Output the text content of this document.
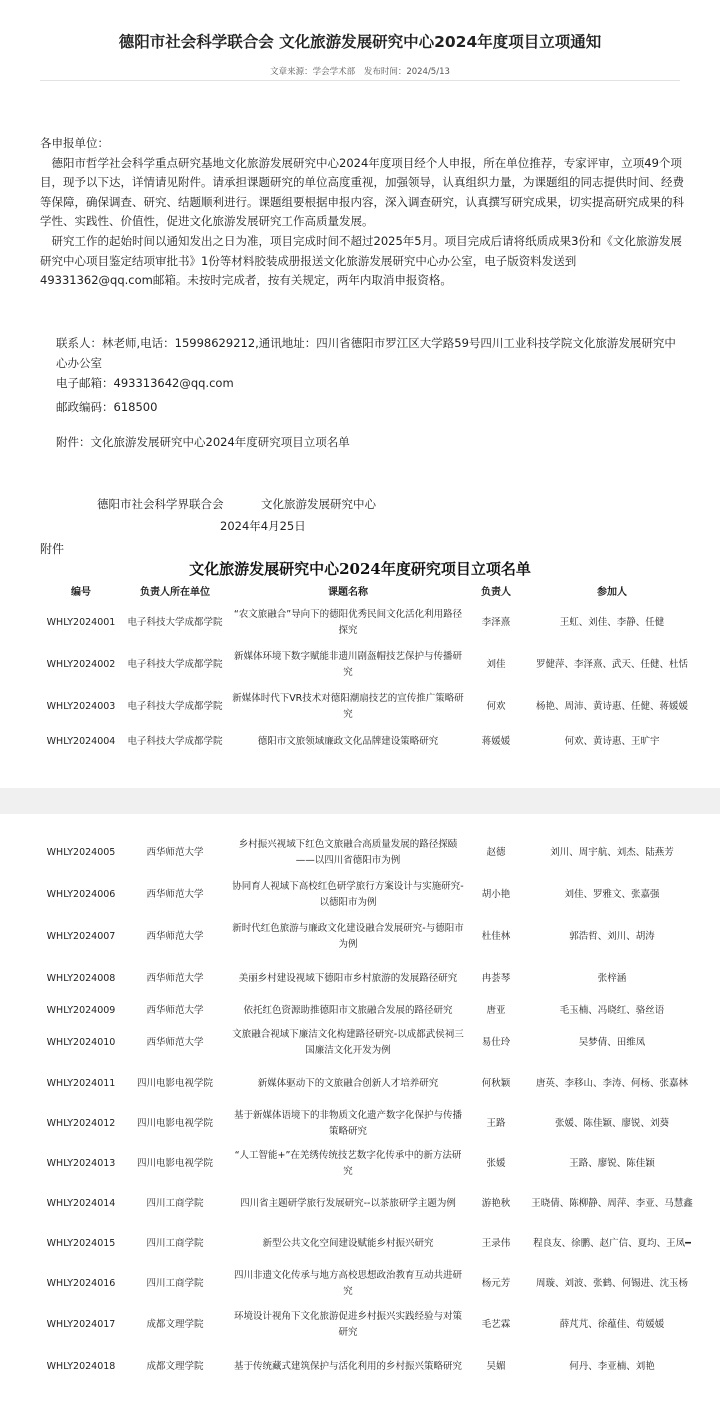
德阳市社会科学联合会 文化旅游发展研究中心2024年度项目立项通知
文章来源：学会学术部 发布时间：2024/5/13

各申报单位：

德阳市哲学社会科学重点研究基地文化旅游发展研究中心2024年度项目经个人申报，所在单位推荐，专家评审，立项49个项目，现予以下达，详情请见附件。请承担课题研究的单位高度重视，加强领导，认真组织力量，为课题组的同志提供时间、经费等保障，确保调查、研究、结题顺利进行。课题组要根据申报内容，深入调查研究，认真撰写研究成果，切实提高研究成果的科学性、实践性、价值性，促进文化旅游发展研究工作高质量发展。

研究工作的起始时间以通知发出之日为准，项目完成时间不超过2025年5月。项目完成后请将纸质成果3份和《文化旅游发展研究中心项目鉴定结项审批书》1份等材料胶装成册报送文化旅游发展研究中心办公室，电子版资料发送到49331362@qq.com邮箱。未按时完成者，按有关规定，两年内取消申报资格。

联系人：林老师,电话：15998629212,通讯地址：四川省德阳市罗江区大学路59号四川工业科技学院文化旅游发展研究中心办公室
电子邮箱：493313642@qq.com
邮政编码：618500
附件：文化旅游发展研究中心2024年度研究项目立项名单
德阳市社会科学界联合会	文化旅游发展研究中心
2024年4月25日
附件
文化旅游发展研究中心2024年度研究项目立项名单
编号	负责人所在单位	课题名称	负责人	参加人
WHLY2024001	电子科技大学成都学院	“农文旅融合”导向下的德阳优秀民间文化活化利用路径探究	李泽熹	王虹、刘佳、李静、任健
WHLY2024002	电子科技大学成都学院	新媒体环境下数字赋能非遗川剧盔帽技艺保护与传播研究	刘佳	罗健萍、李泽熹、武天、任健、杜恬
WHLY2024003	电子科技大学成都学院	新媒体时代下VR技术对德阳潮扇技艺的宣传推广策略研究	何欢	杨艳、周沛、黄诗惠、任健、蒋媛媛
WHLY2024004	电子科技大学成都学院	德阳市文旅领域廉政文化品牌建设策略研究	蒋媛媛	何欢、黄诗惠、王旷宇
WHLY2024005	西华师范大学	乡村振兴视域下红色文旅融合高质量发展的路径探赜——以四川省德阳市为例	赵德	刘川、周宇航、刘杰、陆燕芳
WHLY2024006	西华师范大学	协同育人视域下高校红色研学旅行方案设计与实施研究-以德阳市为例	胡小艳	刘佳、罗雅文、张嘉强
WHLY2024007	西华师范大学	新时代红色旅游与廉政文化建设融合发展研究-与德阳市为例	杜佳林	郭浩哲、刘川、胡涛
WHLY2024008	西华师范大学	美丽乡村建设视域下德阳市乡村旅游的发展路径研究	冉荟琴	张梓涵
WHLY2024009	西华师范大学	依托红色资源助推德阳市文旅融合发展的路径研究	唐亚	毛玉楠、冯晓红、骆丝语
WHLY2024010	西华师范大学	文旅融合视域下廉洁文化构建路径研究-以成都武侯祠三国廉洁文化开发为例	易仕玲	吴梦倩、田维凤
WHLY2024011	四川电影电视学院	新媒体驱动下的文旅融合创新人才培养研究	何秋颖	唐英、李移山、李涛、何杨、张嘉林
WHLY2024012	四川电影电视学院	基于新媒体语境下的非物质文化遗产数字化保护与传播策略研究	王路	张媛、陈佳颖、廖锐、刘葵
WHLY2024013	四川电影电视学院	“人工智能+”在羌绣传统技艺数字化传承中的新方法研究	张媛	王路、廖锐、陈佳颖
WHLY2024014	四川工商学院	四川省主题研学旅行发展研究--以茶旅研学主题为例	游艳秋	王晓倩、陈柳静、周萍、李亚、马慧鑫
WHLY2024015	四川工商学院	新型公共文化空间建设赋能乡村振兴研究	王录伟	程良友、徐鹏、赵广信、夏均、王凤━
WHLY2024016	四川工商学院	四川非遗文化传承与地方高校思想政治教育互动共进研究	杨元芳	周璇、刘波、张鹤、何锡进、沈玉杨
WHLY2024017	成都文理学院	环境设计视角下文化旅游促进乡村振兴实践经验与对策研究	毛艺霖	薛芃芃、徐蕴佳、苟媛媛
WHLY2024018	成都文理学院	基于传统藏式建筑保护与活化利用的乡村振兴策略研究	吴媚	何丹、李亚楠、刘艳
